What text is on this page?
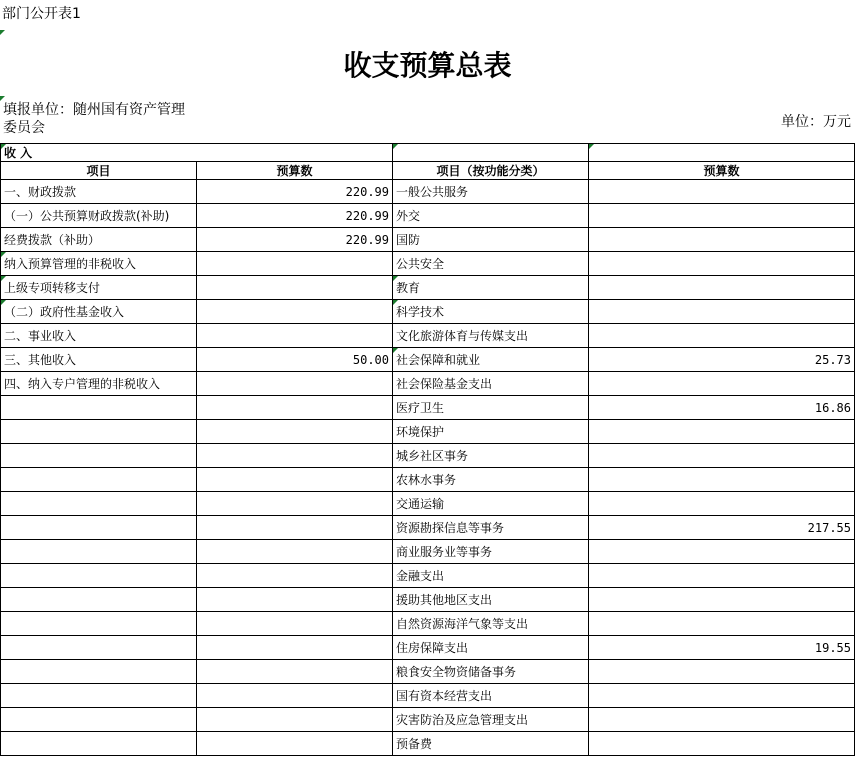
部门公开表1
收支预算总表
填报单位：随州国有资产管理委员会	单位：万元
收 入		

项目	预算数	项目（按功能分类）	预算数
一、财政拨款	220.99	一般公共服务	
（一）公共预算财政拨款(补助)	220.99	外交	
经费拨款（补助）	220.99	国防	
纳入预算管理的非税收入		公共安全	
上级专项转移支付		教育

（二）政府性基金收入		科学技术

二、事业收入		文化旅游体育与传媒支出	
三、其他收入	50.00	社会保障和就业	25.73
四、纳入专户管理的非税收入		社会保险基金支出	
		医疗卫生	16.86
		环境保护	
		城乡社区事务	
		农林水事务	
		交通运输	
		资源勘探信息等事务	217.55
		商业服务业等事务	
		金融支出	
		援助其他地区支出	
		自然资源海洋气象等支出	
		住房保障支出	19.55
		粮食安全物资储备事务	
		国有资本经营支出	
		灾害防治及应急管理支出	
		预备费	
